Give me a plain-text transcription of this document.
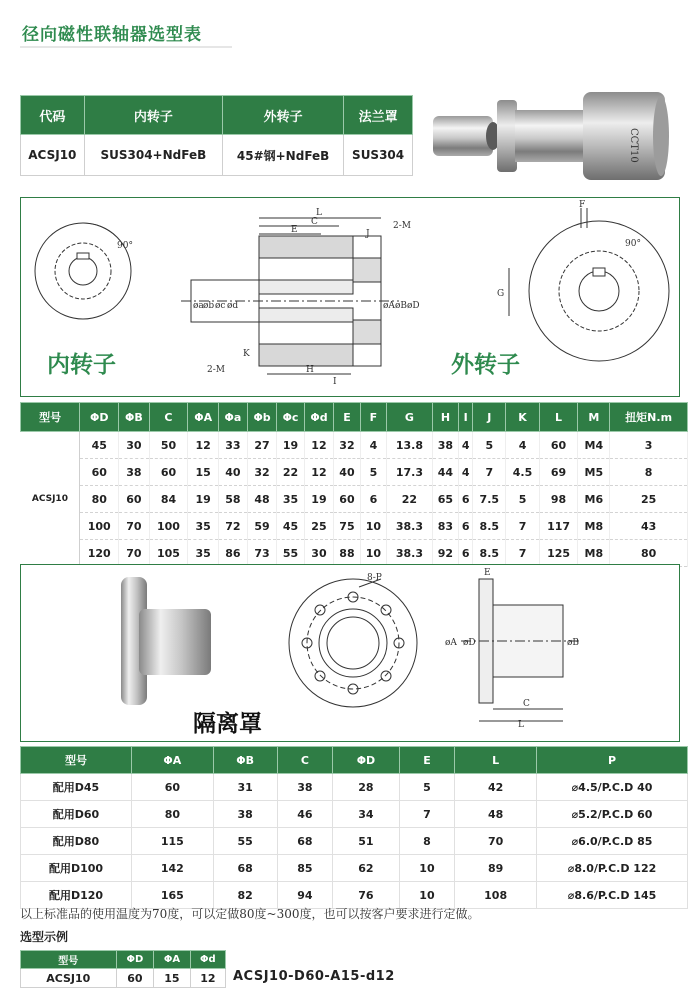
径向磁性联轴器选型表
代码	内转子	外转子	法兰罩
ACSJ10	SUS304+NdFeB	45#钢+NdFeB	SUS304	CCT10
90°
L
C
E	J
2-M
øA øB øD
øa øb øc ød
K
2-M	H
I
F
G
90°
内转子	外转子
型号	ΦD	ΦB	C	ΦA	Φa	Φb	Φc	Φd	E	F	G	H	I	J	K	L	M	扭矩N.m
ACSJ10	45	30	50	12	33	27	19	12	32	4	13.8	38	4	5	4	60	M4	3
	60	38	60	15	40	32	22	12	40	5	17.3	44	4	7	4.5	69	M5	8
	80	60	84	19	58	48	35	19	60	6	22	65	6	7.5	5	98	M6	25
	100	70	100	35	72	59	45	25	75	10	38.3	83	6	8.5	7	117	M8	43
	120	70	105	35	86	73	55	30	88	10	38.3	92	6	8.5	7	125	M8	80
8-P	E
øA øD	øB
C
L
隔离罩
型号	ΦA	ΦB	C	ΦD	E	L	P
配用D45	60	31	38	28	5	42	⌀4.5/P.C.D 40
配用D60	80	38	46	34	7	48	⌀5.2/P.C.D 60
配用D80	115	55	68	51	8	70	⌀6.0/P.C.D 85
配用D100	142	68	85	62	10	89	⌀8.0/P.C.D 122
配用D120	165	82	94	76	10	108	⌀8.6/P.C.D 145
以上标准品的使用温度为70度，可以定做80度~300度，也可以按客户要求进行定做。
选型示例
型号	ΦD	ΦA	Φd
ACSJ10	60	15	12 ACSJ10-D60-A15-d12
